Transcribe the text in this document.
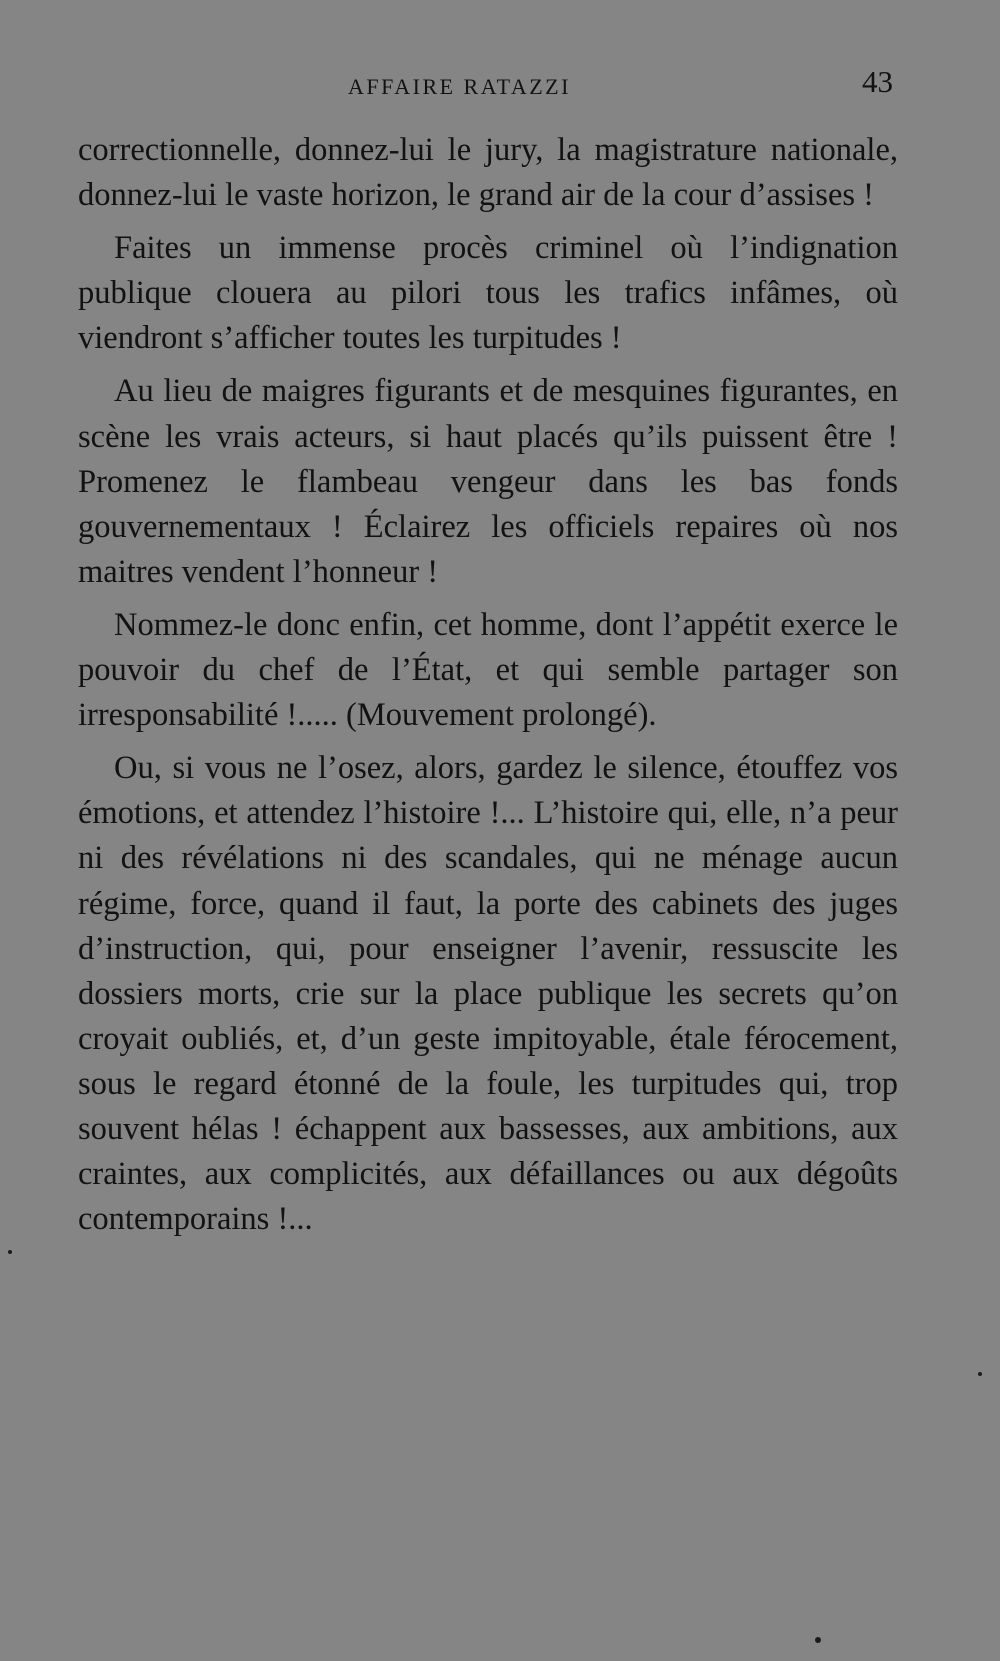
AFFAIRE RATAZZI	43

correctionnelle, donnez-lui le jury, la magistrature nationale, donnez-lui le vaste horizon, le grand air de la cour d’assises !

Faites un immense procès criminel où l’indignation publique clouera au pilori tous les trafics infâmes, où viendront s’afficher toutes les turpitudes !

Au lieu de maigres figurants et de mesquines figurantes, en scène les vrais acteurs, si haut placés qu’ils puissent être ! Promenez le flambeau vengeur dans les bas fonds gouvernementaux ! Éclairez les officiels repaires où nos maitres vendent l’honneur !

Nommez-le donc enfin, cet homme, dont l’appétit exerce le pouvoir du chef de l’État, et qui semble partager son irresponsabilité !..... (Mouvement prolongé).

Ou, si vous ne l’osez, alors, gardez le silence, étouffez vos émotions, et attendez l’histoire !... L’histoire qui, elle, n’a peur ni des révélations ni des scandales, qui ne ménage aucun régime, force, quand il faut, la porte des cabinets des juges d’instruction, qui, pour enseigner l’avenir, ressuscite les dossiers morts, crie sur la place publique les secrets qu’on croyait oubliés, et, d’un geste impitoyable, étale férocement, sous le regard étonné de la foule, les turpitudes qui, trop souvent hélas ! échappent aux bassesses, aux ambitions, aux craintes, aux complicités, aux défaillances ou aux dégoûts contemporains !...
